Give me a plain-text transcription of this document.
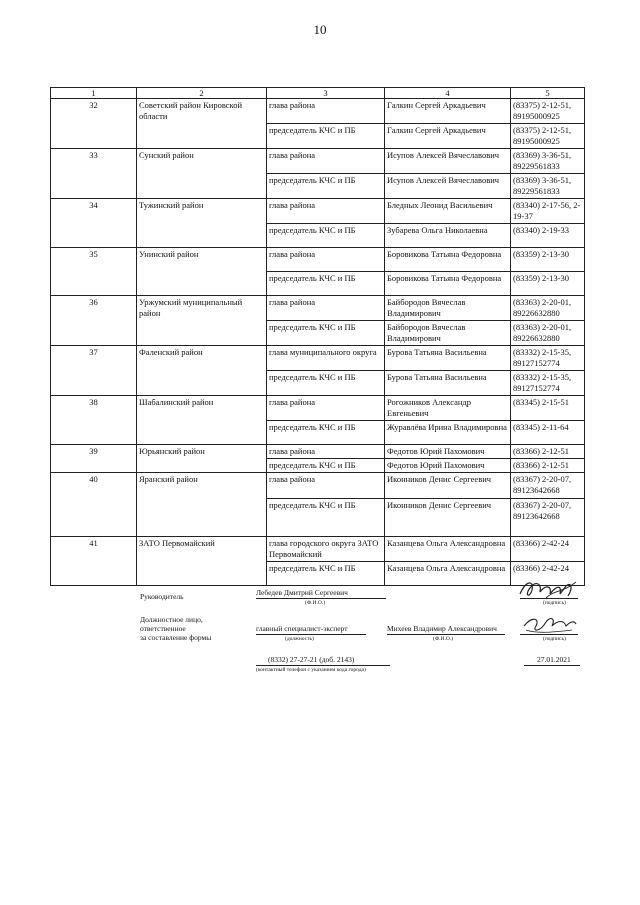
10
1	2	3	4	5
32	Советский район Кировской области	глава района	Галкин Сергей Аркадьевич	(83375) 2-12-51, 89195000925
		председатель КЧС и ПБ	Галкин Сергей Аркадьевич	(83375) 2-12-51, 89195000925
33	Сунский район	глава района	Исупов Алексей Вячеславович	(83369) 3-36-51, 89229561833
		председатель КЧС и ПБ	Исупов Алексей Вячеславович	(83369) 3-36-51, 89229561833
34	Тужинский район	глава района	Бледных Леонид Васильевич	(83340) 2-17-56, 2-19-37
		председатель КЧС и ПБ	Зубарева Ольга Николаевна	(83340) 2-19-33
35	Унинский район	глава района	Боровикова Татьяна Федоровна	(83359) 2-13-30
		председатель КЧС и ПБ	Боровикова Татьяна Федоровна	(83359) 2-13-30
36	Уржумский муниципальный район	глава района	Байбородов Вячеслав Владимирович	(83363) 2-20-01, 89226632880
		председатель КЧС и ПБ	Байбородов Вячеслав Владимирович	(83363) 2-20-01, 89226632880
37	Фаленский район	глава муниципального округа	Бурова Татьяна Васильевна	(83332) 2-15-35, 89127152774
		председатель КЧС и ПБ	Бурова Татьяна Васильевна	(83332) 2-15-35, 89127152774
38	Шабалинский район	глава района	Рогожников Александр Евгеньевич	(83345) 2-15-51
		председатель КЧС и ПБ	Журавлёва Ирина Владимировна	(83345) 2-11-64
39	Юрьянский район	глава района	Федотов Юрий Пахомович	(83366) 2-12-51
		председатель КЧС и ПБ	Федотов Юрий Пахомович	(83366) 2-12-51
40	Яранский район	глава района	Иконников Денис Сергеевич	(83367) 2-20-07, 89123642668
		председатель КЧС и ПБ	Иконников Денис Сергеевич	(83367) 2-20-07, 89123642668
41	ЗАТО Первомайский	глава городского округа ЗАТО Первомайский	Казанцева Ольга Александровна	(83366) 2-42-24
		председатель КЧС и ПБ	Казанцева Ольга Александровна	(83366) 2-42-24
Руководитель	Лебедев Дмитрий Сергеевич
(Ф.И.О.)	(подпись)
Должностное лицо,
ответственное
за составление формы
главный специалист-эксперт
(должность)
Михеев Владимир Александрович
(Ф.И.О.)	(подпись)
(8332) 27-27-21 (доб. 2143)
(контактный телефон с указанием кода города)
27.01.2021
